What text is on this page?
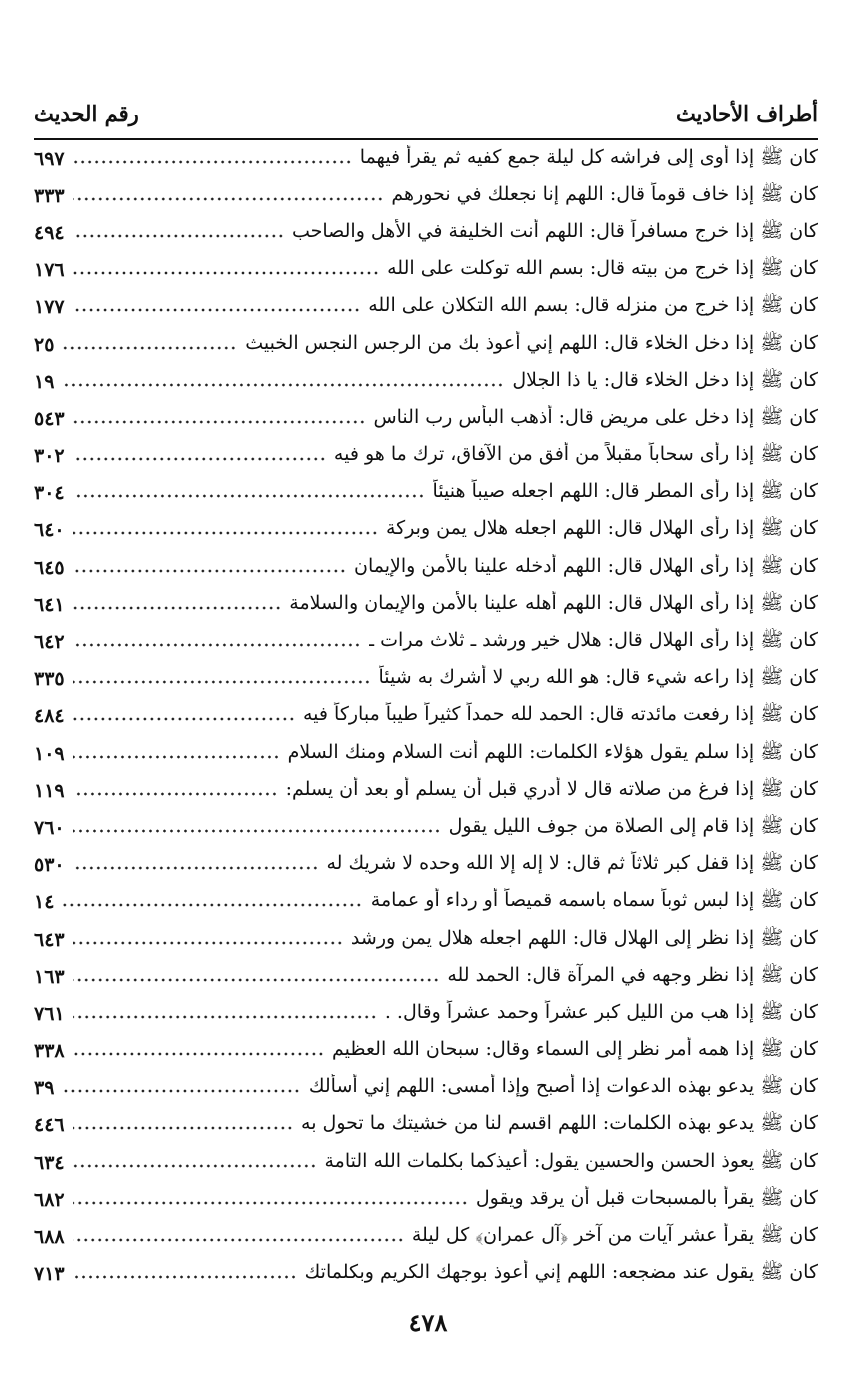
أطراف الأحاديث
رقم الحديث
كان ﷺ إذا أوى إلى فراشه كل ليلة جمع كفيه ثم يقرأ فيهما
٦٩٧
كان ﷺ إذا خاف قوماً قال: اللهم إنا نجعلك في نحورهم
٣٣٣
كان ﷺ إذا خرج مسافراً قال: اللهم أنت الخليفة في الأهل والصاحب
٤٩٤
كان ﷺ إذا خرج من بيته قال: بسم الله توكلت على الله
١٧٦
كان ﷺ إذا خرج من منزله قال: بسم الله التكلان على الله
١٧٧
كان ﷺ إذا دخل الخلاء قال: اللهم إني أعوذ بك من الرجس النجس الخبيث
٢٥
كان ﷺ إذا دخل الخلاء قال: يا ذا الجلال
١٩
كان ﷺ إذا دخل على مريض قال: أذهب البأس رب الناس
٥٤٣
كان ﷺ إذا رأى سحاباً مقبلاً من أفق من الآفاق، ترك ما هو فيه
٣٠٢
كان ﷺ إذا رأى المطر قال: اللهم اجعله صيباً هنيئاً
٣٠٤
كان ﷺ إذا رأى الهلال قال: اللهم اجعله هلال يمن وبركة
٦٤٠
كان ﷺ إذا رأى الهلال قال: اللهم أدخله علينا بالأمن والإيمان
٦٤٥
كان ﷺ إذا رأى الهلال قال: اللهم أهله علينا بالأمن والإيمان والسلامة
٦٤١
كان ﷺ إذا رأى الهلال قال: هلال خير ورشد ـ ثلاث مرات ـ
٦٤٢
كان ﷺ إذا راعه شيء قال: هو الله ربي لا أشرك به شيئاً
٣٣٥
كان ﷺ إذا رفعت مائدته قال: الحمد لله حمداً كثيراً طيباً مباركاً فيه
٤٨٤
كان ﷺ إذا سلم يقول هؤلاء الكلمات: اللهم أنت السلام ومنك السلام
١٠٩
كان ﷺ إذا فرغ من صلاته قال لا أدري قبل أن يسلم أو بعد أن يسلم:
١١٩
كان ﷺ إذا قام إلى الصلاة من جوف الليل يقول
٧٦٠
كان ﷺ إذا قفل كبر ثلاثاً ثم قال: لا إله إلا الله وحده لا شريك له
٥٣٠
كان ﷺ إذا لبس ثوباً سماه باسمه قميصاً أو رداء أو عمامة
١٤
كان ﷺ إذا نظر إلى الهلال قال: اللهم اجعله هلال يمن ورشد
٦٤٣
كان ﷺ إذا نظر وجهه في المرآة قال: الحمد لله
١٦٣
كان ﷺ إذا هب من الليل كبر عشراً وحمد عشراً وقال. .
٧٦١
كان ﷺ إذا همه أمر نظر إلى السماء وقال: سبحان الله العظيم
٣٣٨
كان ﷺ يدعو بهذه الدعوات إذا أصبح وإذا أمسى: اللهم إني أسألك
٣٩
كان ﷺ يدعو بهذه الكلمات: اللهم اقسم لنا من خشيتك ما تحول به
٤٤٦
كان ﷺ يعوذ الحسن والحسين يقول: أعيذكما بكلمات الله التامة
٦٣٤
كان ﷺ يقرأ بالمسبحات قبل أن يرقد ويقول
٦٨٢
كان ﷺ يقرأ عشر آيات من آخر ﴿آل عمران﴾ كل ليلة
٦٨٨
كان ﷺ يقول عند مضجعه: اللهم إني أعوذ بوجهك الكريم وبكلماتك
٧١٣
٤٧٨
